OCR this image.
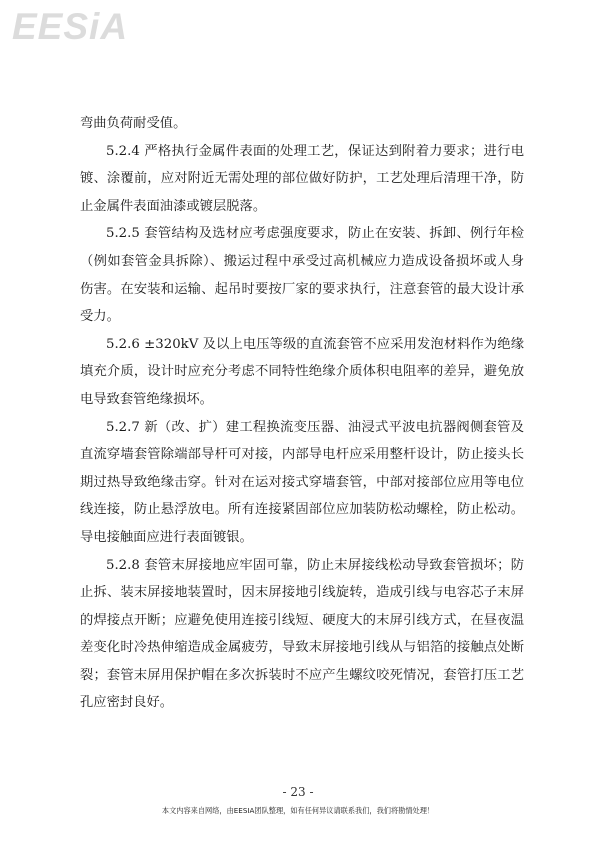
EESiA

弯曲负荷耐受值。

5.2.4 严格执行金属件表面的处理工艺，保证达到附着力要求；进行电镀、涂覆前，应对附近无需处理的部位做好防护，工艺处理后清理干净，防止金属件表面油漆或镀层脱落。

5.2.5 套管结构及选材应考虑强度要求，防止在安装、拆卸、例行年检（例如套管金具拆除）、搬运过程中承受过高机械应力造成设备损坏或人身伤害。在安装和运输、起吊时要按厂家的要求执行，注意套管的最大设计承受力。

5.2.6 ±320kV 及以上电压等级的直流套管不应采用发泡材料作为绝缘填充介质，设计时应充分考虑不同特性绝缘介质体积电阻率的差异，避免放电导致套管绝缘损坏。

5.2.7 新（改、扩）建工程换流变压器、油浸式平波电抗器阀侧套管及直流穿墙套管除端部导杆可对接，内部导电杆应采用整杆设计，防止接头长期过热导致绝缘击穿。针对在运对接式穿墙套管，中部对接部位应用等电位线连接，防止悬浮放电。所有连接紧固部位应加装防松动螺栓，防止松动。导电接触面应进行表面镀银。

5.2.8 套管末屏接地应牢固可靠，防止末屏接线松动导致套管损坏；防止拆、装末屏接地装置时，因末屏接地引线旋转，造成引线与电容芯子末屏的焊接点开断；应避免使用连接引线短、硬度大的末屏引线方式，在昼夜温差变化时冷热伸缩造成金属疲劳，导致末屏接地引线从与铝箔的接触点处断裂；套管末屏用保护帽在多次拆装时不应产生螺纹咬死情况，套管打压工艺孔应密封良好。

- 23 -
本文内容来自网络，由EESIA团队整理，如有任何异议请联系我们，我们将勘情处理！
